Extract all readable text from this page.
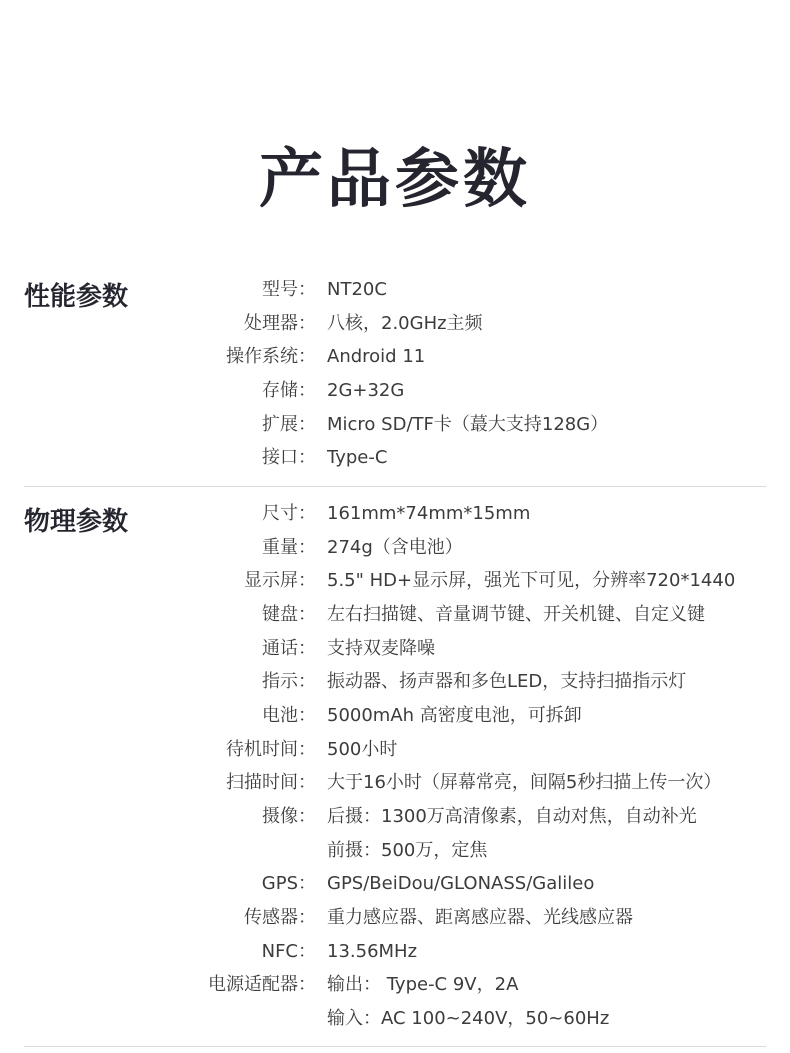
产品参数
性能参数	型号： NT20C
处理器： 八核，2.0GHz主频
操作系统： Android 11
存储： 2G+32G
扩展： Micro SD/TF卡（蕞大支持128G）
接口： Type-C
物理参数	尺寸： 161mm*74mm*15mm
重量： 274g（含电池）
显示屏： 5.5" HD+显示屏，强光下可见，分辨率720*1440
键盘： 左右扫描键、音量调节键、开关机键、自定义键
通话： 支持双麦降噪
指示： 振动器、扬声器和多色LED，支持扫描指示灯
电池： 5000mAh 高密度电池，可拆卸
待机时间： 500小时
扫描时间： 大于16小时（屏幕常亮，间隔5秒扫描上传一次）
摄像： 后摄：1300万高清像素，自动对焦，自动补光
前摄：500万，定焦
GPS： GPS/BeiDou/GLONASS/Galileo
传感器： 重力感应器、距离感应器、光线感应器
NFC： 13.56MHz
电源适配器： 输出： Type-C 9V，2A
输入：AC 100~240V，50~60Hz
